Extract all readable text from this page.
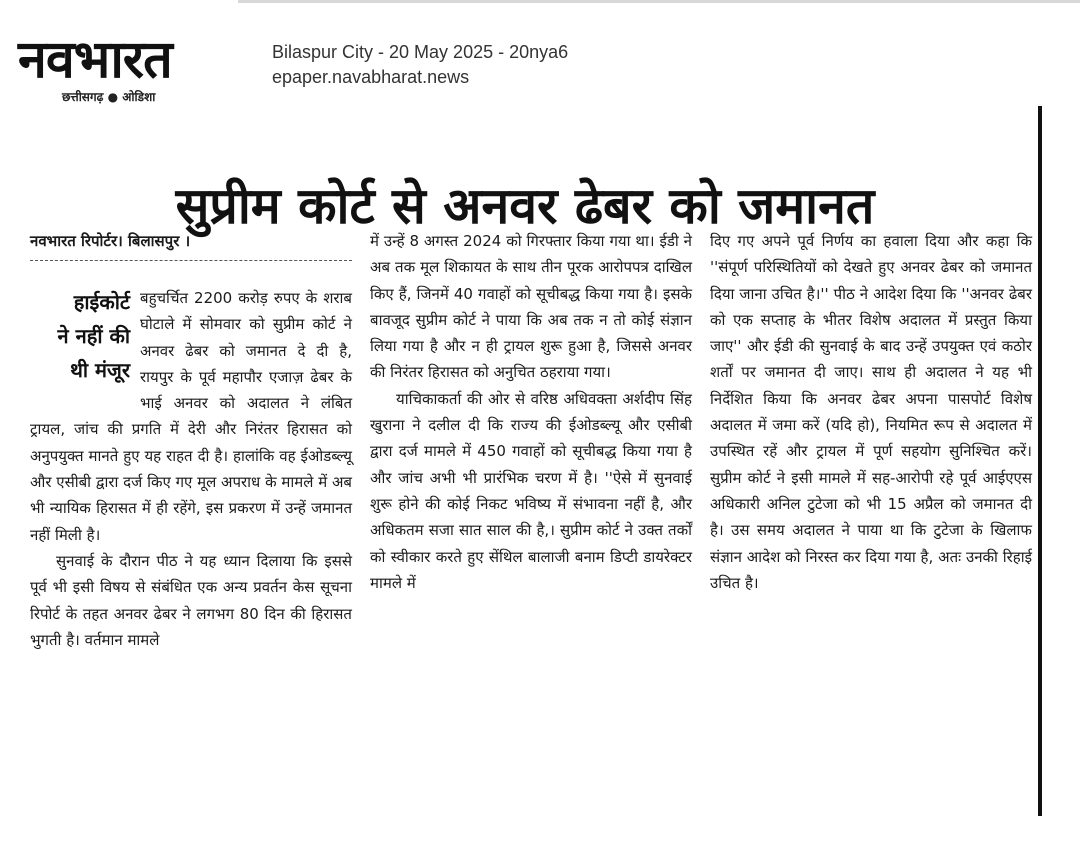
नवभारत
छत्तीसगढ़ ● ओडिशा
Bilaspur City - 20 May 2025 - 20nya6
epaper.navabharat.news
सुप्रीम कोर्ट से अनवर ढेबर को जमानत
नवभारत रिपोर्टर। बिलासपुर ।

हाईकोर्ट
ने नहीं की
थी मंजूर
बहुचर्चित 2200 करोड़ रुपए के शराब घोटाले में सोमवार को सुप्रीम कोर्ट ने अनवर ढेबर को जमानत दे दी है, रायपुर के पूर्व महापौर एजाज़ ढेबर के भाई अनवर को अदालत ने लंबित ट्रायल, जांच की प्रगति में देरी और निरंतर हिरासत को अनुपयुक्त मानते हुए यह राहत दी है। हालांकि वह ईओडब्ल्यू और एसीबी द्वारा दर्ज किए गए मूल अपराध के मामले में अब भी न्यायिक हिरासत में ही रहेंगे, इस प्रकरण में उन्हें जमानत नहीं मिली है।

सुनवाई के दौरान पीठ ने यह ध्यान दिलाया कि इससे पूर्व भी इसी विषय से संबंधित एक अन्य प्रवर्तन केस सूचना रिपोर्ट के तहत अनवर ढेबर ने लगभग 80 दिन की हिरासत भुगती है। वर्तमान मामले

में उन्हें 8 अगस्त 2024 को गिरफ्तार किया गया था। ईडी ने अब तक मूल शिकायत के साथ तीन पूरक आरोपपत्र दाखिल किए हैं, जिनमें 40 गवाहों को सूचीबद्ध किया गया है। इसके बावजूद सुप्रीम कोर्ट ने पाया कि अब तक न तो कोई संज्ञान लिया गया है और न ही ट्रायल शुरू हुआ है, जिससे अनवर की निरंतर हिरासत को अनुचित ठहराया गया।

याचिकाकर्ता की ओर से वरिष्ठ अधिवक्ता अर्शदीप सिंह खुराना ने दलील दी कि राज्य की ईओडब्ल्यू और एसीबी द्वारा दर्ज मामले में 450 गवाहों को सूचीबद्ध किया गया है और जांच अभी भी प्रारंभिक चरण में है। ''ऐसे में सुनवाई शुरू होने की कोई निकट भविष्य में संभावना नहीं है, और अधिकतम सजा सात साल की है,। सुप्रीम कोर्ट ने उक्त तर्कों को स्वीकार करते हुए सेंथिल बालाजी बनाम डिप्टी डायरेक्टर मामले में

दिए गए अपने पूर्व निर्णय का हवाला दिया और कहा कि ''संपूर्ण परिस्थितियों को देखते हुए अनवर ढेबर को जमानत दिया जाना उचित है।'' पीठ ने आदेश दिया कि ''अनवर ढेबर को एक सप्ताह के भीतर विशेष अदालत में प्रस्तुत किया जाए'' और ईडी की सुनवाई के बाद उन्हें उपयुक्त एवं कठोर शर्तों पर जमानत दी जाए। साथ ही अदालत ने यह भी निर्देशित किया कि अनवर ढेबर अपना पासपोर्ट विशेष अदालत में जमा करें (यदि हो), नियमित रूप से अदालत में उपस्थित रहें और ट्रायल में पूर्ण सहयोग सुनिश्चित करें। सुप्रीम कोर्ट ने इसी मामले में सह-आरोपी रहे पूर्व आईएएस अधिकारी अनिल टुटेजा को भी 15 अप्रैल को जमानत दी है। उस समय अदालत ने पाया था कि टुटेजा के खिलाफ संज्ञान आदेश को निरस्त कर दिया गया है, अतः उनकी रिहाई उचित है।
